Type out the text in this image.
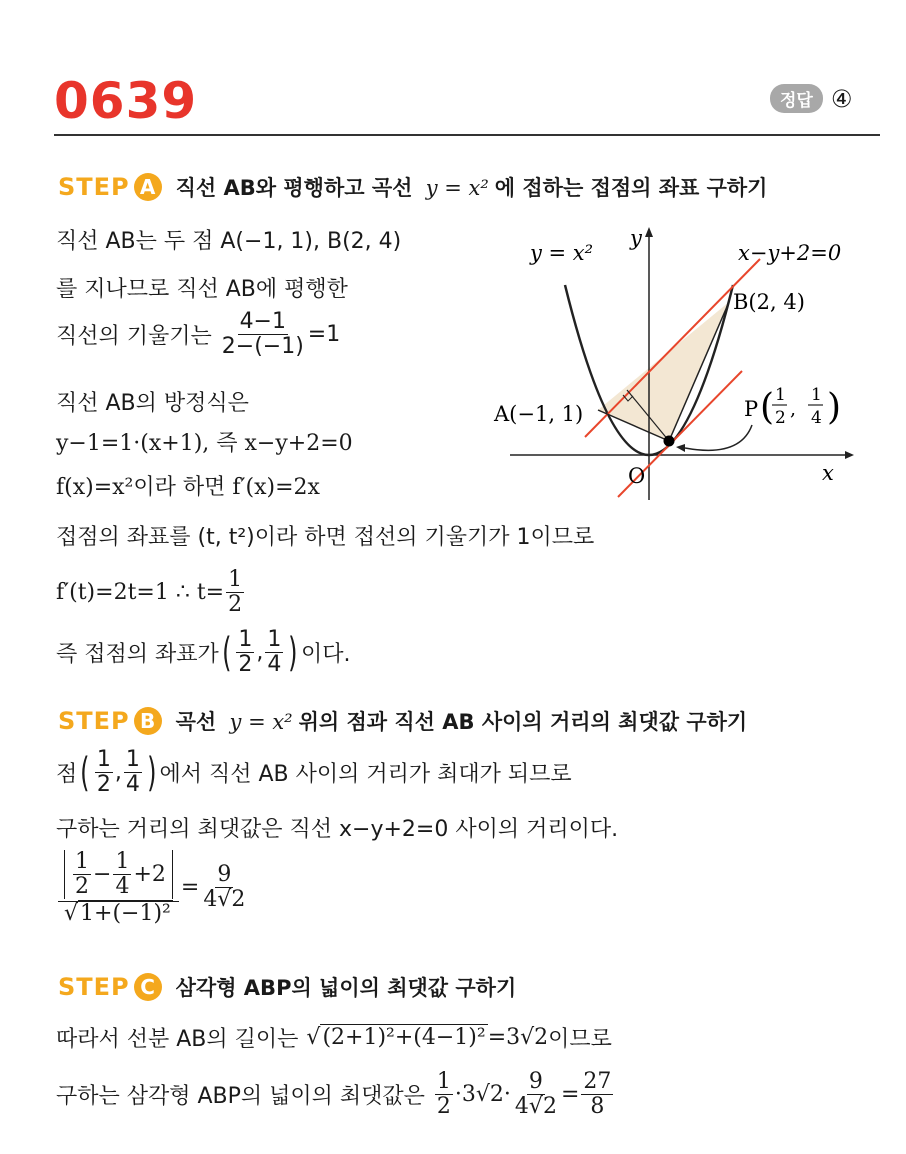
0639	정답 ④
STEP A 직선 AB와 평행하고 곡선 y = x² 에 접하는 접점의 좌표 구하기
직선 AB는 두 점 A(−1, 1), B(2, 4)
를 지나므로 직선 AB에 평행한
직선의 기울기는 $\frac{4-1}{2-(-1)} =1$
직선 AB의 방정식은
y−1=1·(x+1), 즉 x−y+2=0
f(x)=x²이라 하면 f′(x)=2x
접점의 좌표를 (t, t²)이라 하면 접선의 기울기가 1이므로
f′(t)=2t=1 ∴ $t= \frac{1}{2}$
즉 접점의 좌표가 ( $\frac{1}{2}$ , $\frac{1}{4}$ ) 이다.
y = x²
y
x−y+2=0
B(2, 4)
A(−1, 1)
O	x
P ( 1
2 ,
1
4 )
STEP B 곡선 y = x² 위의 점과 직선 AB 사이의 거리의 최댓값 구하기
점 ( $\frac{1}{2}$ , $\frac{1}{4}$ ) 에서 직선 AB 사이의 거리가 최대가 되므로
구하는 거리의 최댓값은 직선 x−y+2=0 사이의 거리이다.
$\frac{\frac{1}{2} - \frac{1}{4} +2}{\text{√1+(−1)²}} = \frac{9}{4√2}$
STEP C 삼각형 ABP의 넓이의 최댓값 구하기
따라서 선분 AB의 길이는 √(2+1)²+(4−1)² =3√2 이므로
구하는 삼각형 ABP의 넓이의 최댓값은 $\frac{1}{2} \cdot 3√2\cdot \frac{9}{4√2} = \frac{27}{8}$
